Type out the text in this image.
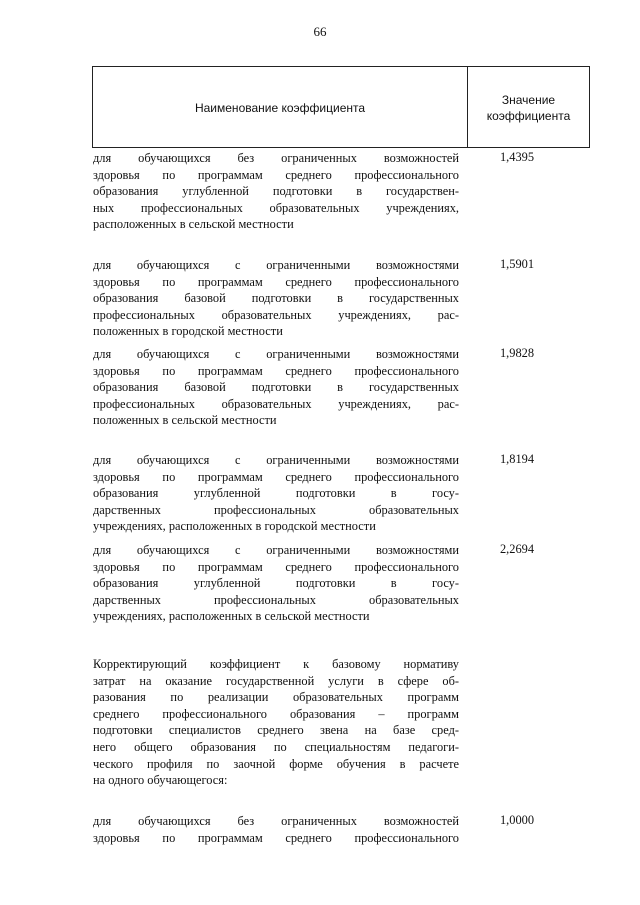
66
Наименование коэффициента
Значение
коэффициента
для обучающихся без ограниченных возможностей
здоровья по программам среднего профессионального
образования углубленной подготовки в государствен-
ных профессиональных образовательных учреждениях,
расположенных в сельской местности
1,4395
для обучающихся с ограниченными возможностями
здоровья по программам среднего профессионального
образования базовой подготовки в государственных
профессиональных образовательных учреждениях, рас-
положенных в городской местности
1,5901
для обучающихся с ограниченными возможностями
здоровья по программам среднего профессионального
образования базовой подготовки в государственных
профессиональных образовательных учреждениях, рас-
положенных в сельской местности
1,9828
для обучающихся с ограниченными возможностями
здоровья по программам среднего профессионального
образования углубленной подготовки в госу-
дарственных профессиональных образовательных
учреждениях, расположенных в городской местности
1,8194
для обучающихся с ограниченными возможностями
здоровья по программам среднего профессионального
образования углубленной подготовки в госу-
дарственных профессиональных образовательных
учреждениях, расположенных в сельской местности
2,2694
Корректирующий коэффициент к базовому нормативу
затрат на оказание государственной услуги в сфере об-
разования по реализации образовательных программ
среднего профессионального образования – программ
подготовки специалистов среднего звена на базе сред-
него общего образования по специальностям педагоги-
ческого профиля по заочной форме обучения в расчете
на одного обучающегося:
для обучающихся без ограниченных возможностей
здоровья по программам среднего профессионального
1,0000
